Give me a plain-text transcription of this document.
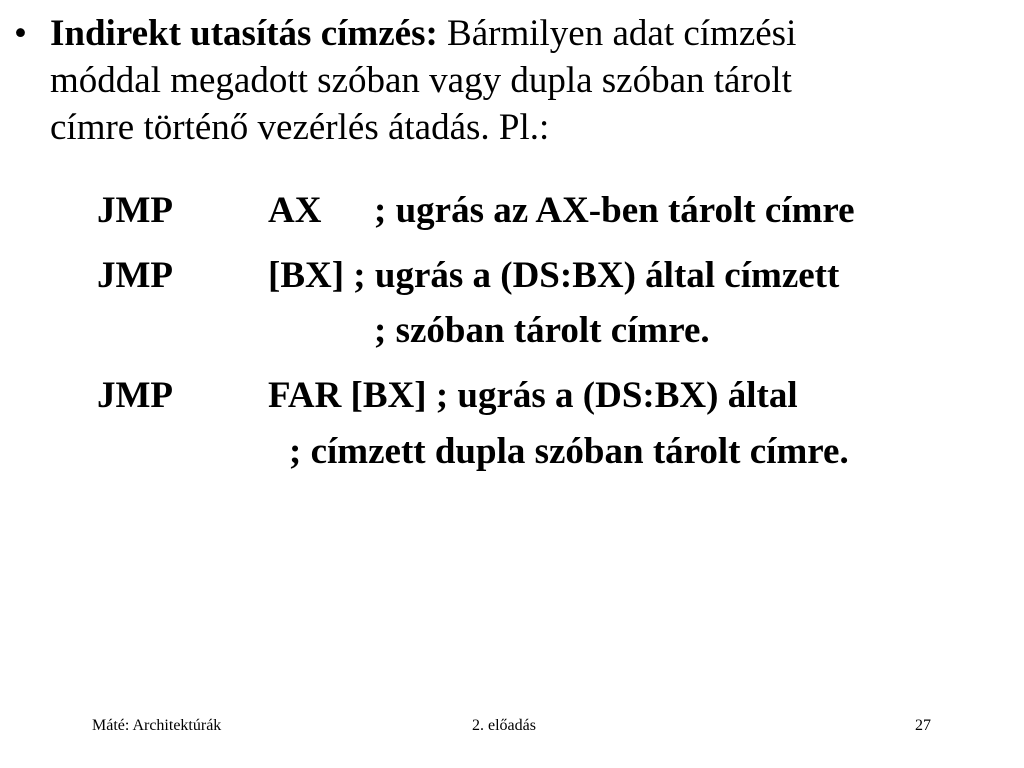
• Indirekt utasítás címzés: Bármilyen adat címzési
móddal megadott szóban vagy dupla szóban tárolt
címre történő vezérlés átadás. Pl.:
JMP	AX ; ugrás az AX-ben tárolt címre
JMP	[BX] ; ugrás a (DS:BX) által címzett
; szóban tárolt címre.
JMP	FAR [BX] ; ugrás a (DS:BX) által
; címzett dupla szóban tárolt címre.
Máté: Architektúrák	2. előadás	27
